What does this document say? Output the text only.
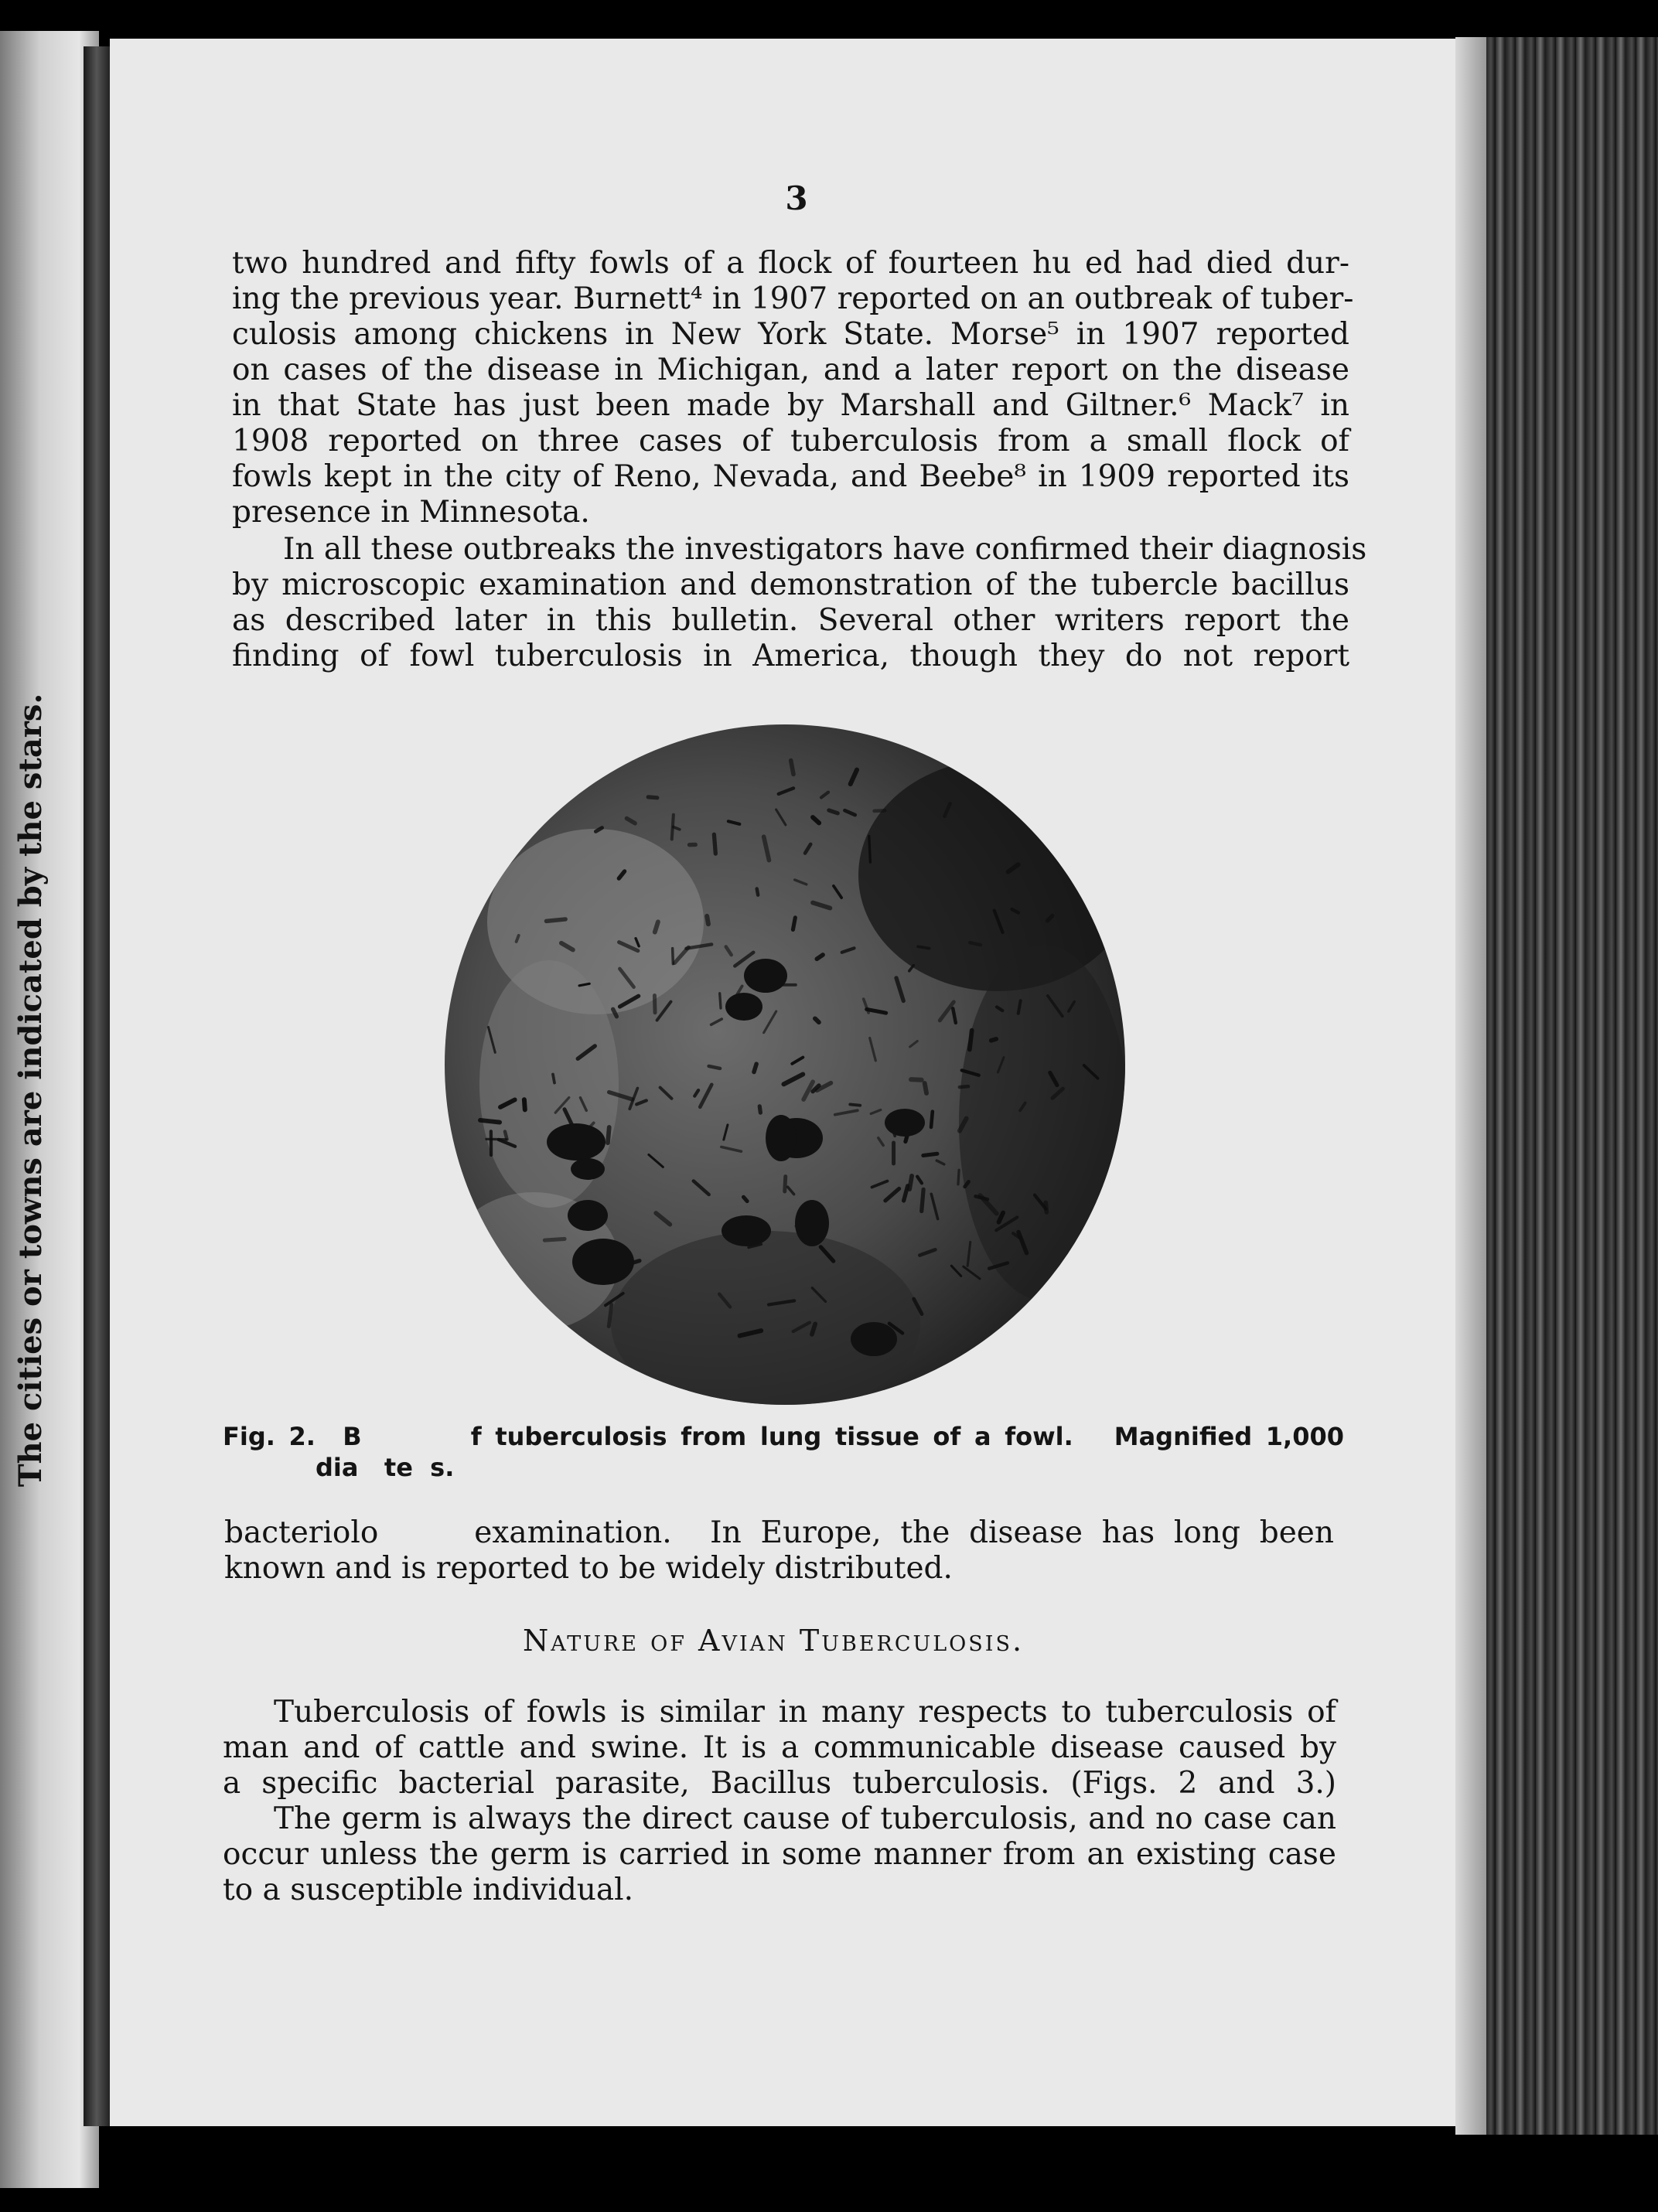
The cities or towns are indicated by the stars.
3
two hundred and fifty fowls of a flock of fourteen hu ed had died dur-
ing the previous year. Burnett⁴ in 1907 reported on an outbreak of tuber-
culosis among chickens in New York State. Morse⁵ in 1907 reported
on cases of the disease in Michigan, and a later report on the disease
in that State has just been made by Marshall and Giltner.⁶ Mack⁷ in
1908 reported on three cases of tuberculosis from a small flock of
fowls kept in the city of Reno, Nevada, and Beebe⁸ in 1909 reported its
presence in Minnesota.
In all these outbreaks the investigators have confirmed their diagnosis
by microscopic examination and demonstration of the tubercle bacillus
as described later in this bulletin. Several other writers report the
finding of fowl tuberculosis in America, though they do not report
Fig. 2.  B        f tuberculosis from lung tissue of a fowl.   Magnified 1,000
dia   te  s.
bacteriolo     examination.  In Europe, the disease has long been
known and is reported to be widely distributed.
Nature of Avian Tuberculosis.
Tuberculosis of fowls is similar in many respects to tuberculosis of
man and of cattle and swine. It is a communicable disease caused by
a specific bacterial parasite, Bacillus tuberculosis. (Figs. 2 and 3.)
The germ is always the direct cause of tuberculosis, and no case can
occur unless the germ is carried in some manner from an existing case
to a susceptible individual.
